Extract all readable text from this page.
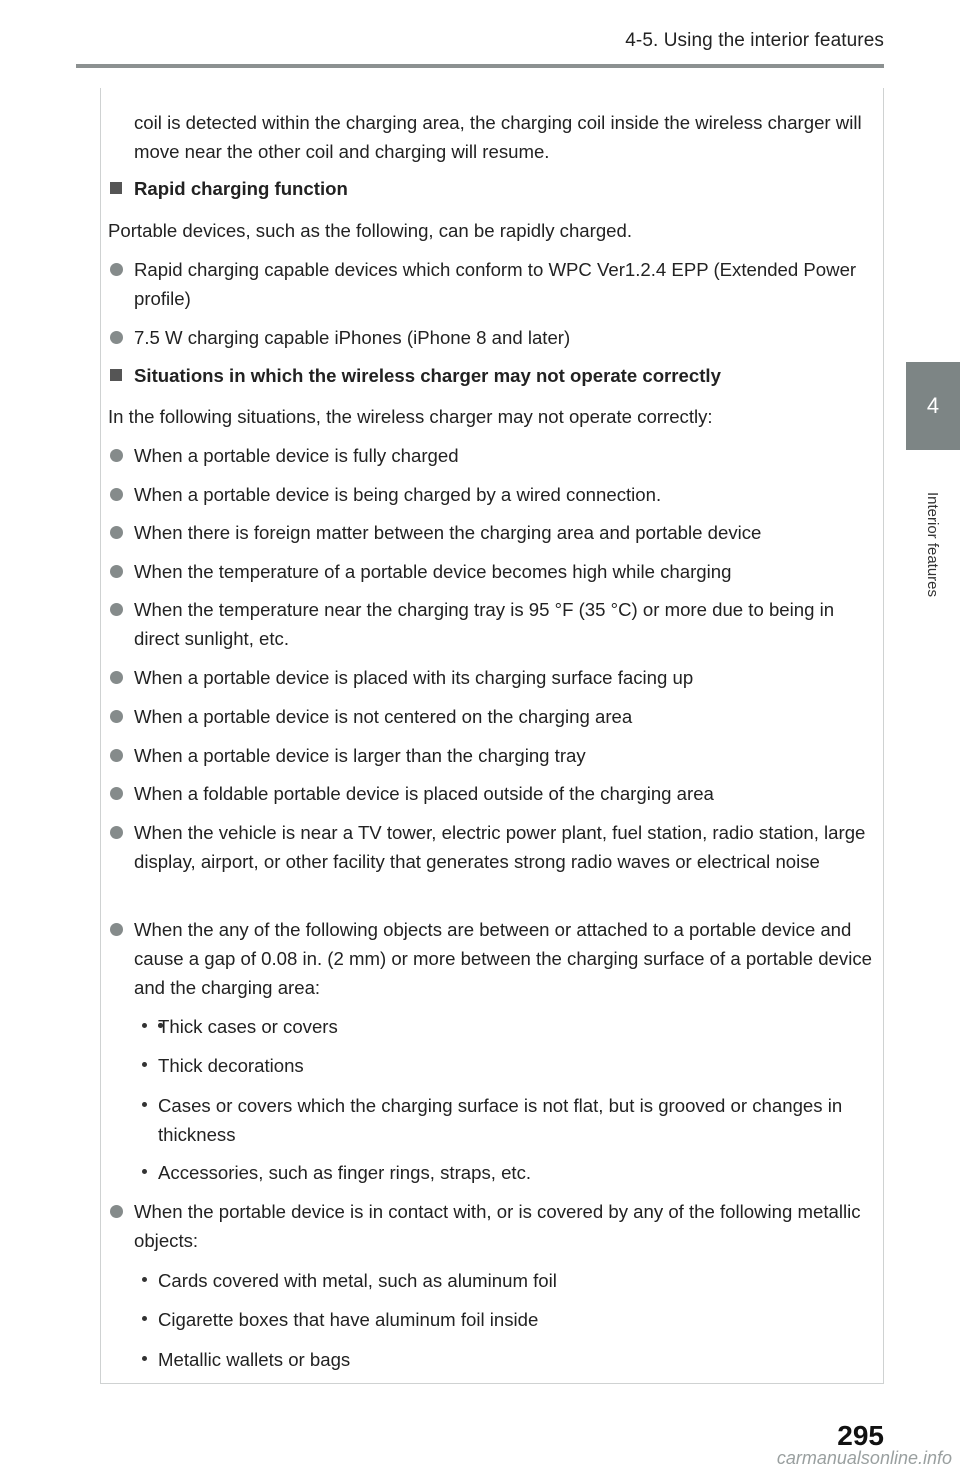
4-5. Using the interior features
4
Interior features
coil is detected within the charging area, the charging coil inside the wireless charger will move near the other coil and charging will resume.
Rapid charging function
Portable devices, such as the following, can be rapidly charged.
Rapid charging capable devices which conform to WPC Ver1.2.4 EPP (Extended Power profile)
7.5 W charging capable iPhones (iPhone 8 and later)
Situations in which the wireless charger may not operate correctly
In the following situations, the wireless charger may not operate correctly:
When a portable device is fully charged
When a portable device is being charged by a wired connection.
When there is foreign matter between the charging area and portable device
When the temperature of a portable device becomes high while charging
When the temperature near the charging tray is 95 °F (35 °C) or more due to being in direct sunlight, etc.
When a portable device is placed with its charging surface facing up
When a portable device is not centered on the charging area
When a portable device is larger than the charging tray
When a foldable portable device is placed outside of the charging area
When the vehicle is near a TV tower, electric power plant, fuel station, radio station, large display, airport, or other facility that generates strong radio waves or electrical noise
When the any of the following objects are between or attached to a portable device and cause a gap of 0.08 in. (2 mm) or more between the charging surface of a portable device and the charging area:
Thick cases or covers
Thick decorations
Cases or covers which the charging surface is not flat, but is grooved or changes in thickness
Accessories, such as finger rings, straps, etc.
When the portable device is in contact with, or is covered by any of the following metallic objects:
Cards covered with metal, such as aluminum foil
Cigarette boxes that have aluminum foil inside
Metallic wallets or bags
295
carmanualsonline.info
